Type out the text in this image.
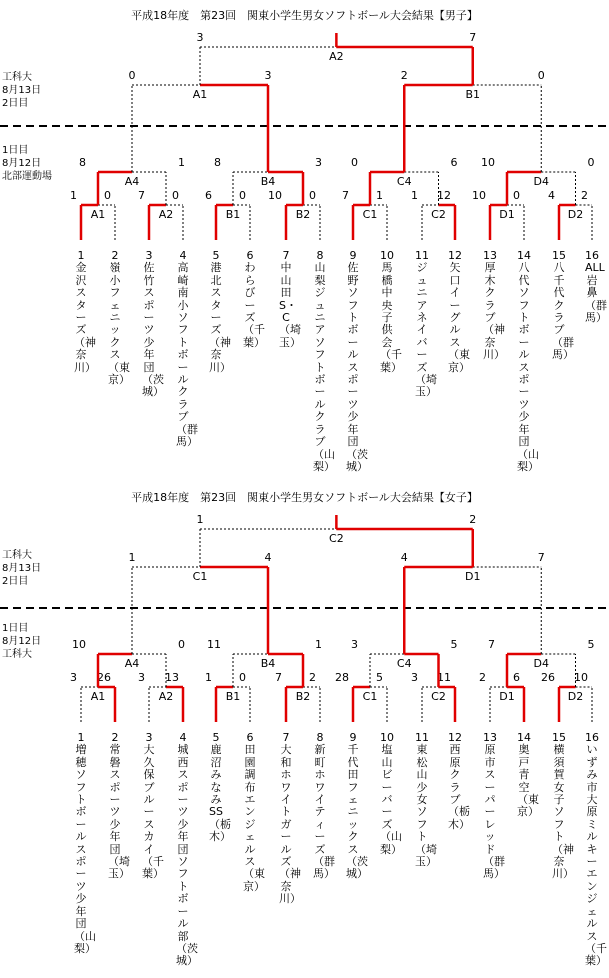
平成18年度　第23回　関東小学生男女ソフトボール大会結果【男子】
工科大
8月13日
2日目
1日目
8月12日
北部運動場
平成18年度　第23回　関東小学生男女ソフトボール大会結果【女子】
工科大
8月13日
2日目
1日目
8月12日
工科大
A1
1 0
A2
7 0
B1
6 0
B2
10 0
C1
7 1
C2
1 12
D1
10 0
D2
4 2
A4
8	1
B4
8	3
C4
0	6
D4
10	0
A1
0	3
B1
2	0
A2
3	7
A1
3 26
A2
3 13
B1
1 0
B2
7 2
C1
28 5
C2
3 11
D1
2 6
D2
26 10
A4
10	0
B4
11	1
C4
3	5
D4
7	5
C1
1	4
D1
4	7
C2
1	2
1 金沢スターズ（神奈川）
2 嶺小フェニックス（東京）
3 佐竹スポーツ少年団（茨城）
4 高崎南小ソフトボールクラブ（群馬）
5 港北スターズ（神奈川）
6 わらびーズ（千葉）
7 中山田S・C（埼玉）
8 山梨ジュニアソフトボールクラブ（山梨）
9 佐野ソフトボールスポーツ少年団（茨城）
10 馬橋中央子供会（千葉）
11 ジュニアネイバーズ（埼玉）
12 矢口イーグルス（東京）
13 厚木クラブ（神奈川）
14 八代ソフトボールスポーツ少年団（山梨）
15 八千代クラブ（群馬）
16 ALL岩鼻（群馬）
1 増穂ソフトボールスポーツ少年団（山梨）
2 常磐スポーツ少年団（埼玉）
3 大久保ブルースカイ（千葉）
4 城西スポーツ少年団ソフトボール部（茨城）
5 鹿沼みなみSS（栃木）
6 田園調布エンジェルス（東京）
7 大和ホワイトガールズ（神奈川）
8 新町ホワイティーズ（群馬）
9 千代田フェニックス（茨城）
10 塩山ビーバーズ（山梨）
11 東松山少女ソフト（埼玉）
12 西原クラブ（栃木）
13 原市スーパーレッド（群馬）
14 奥戸青空（東京）
15 横須賀女子ソフト（神奈川）
16 いずみ市大原ミルキーエンジェルス（千葉）
